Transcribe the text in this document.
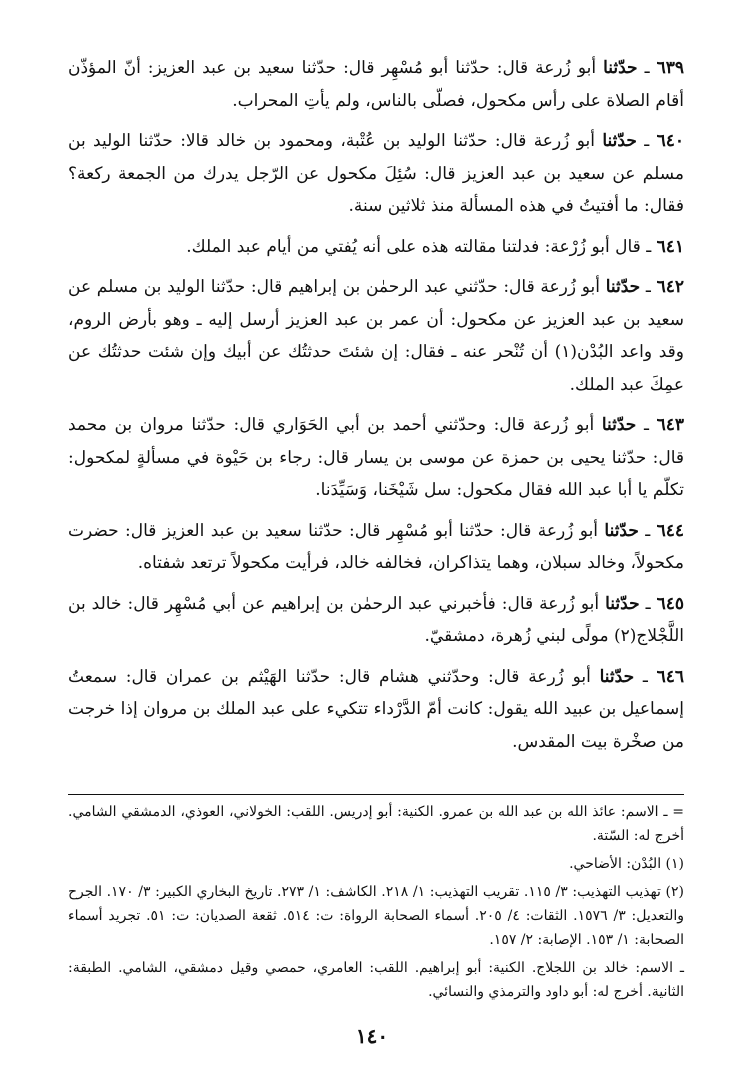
٦٣٩ ـ حدّثنا أبو زُرعة قال: حدّثنا أبو مُسْهِر قال: حدّثنا سعيد بن عبد العزيز: أنّ المؤذّن أقام الصلاة على رأس مكحول، فصلّى بالناس، ولم يأتِ المحراب.

٦٤٠ ـ حدّثنا أبو زُرعة قال: حدّثنا الوليد بن عُتْبة، ومحمود بن خالد قالا: حدّثنا الوليد بن مسلم عن سعيد بن عبد العزيز قال: سُئِلَ مكحول عن الرّجل يدرك من الجمعة ركعة؟ فقال: ما أفتيتُ في هذه المسألة منذ ثلاثين سنة.

٦٤١ ـ قال أبو زُرْعة: فدلتنا مقالته هذه على أنه يُفتي من أيام عبد الملك.

٦٤٢ ـ حدّثنا أبو زُرعة قال: حدّثني عبد الرحمٰن بن إبراهيم قال: حدّثنا الوليد بن مسلم عن سعيد بن عبد العزيز عن مكحول: أن عمر بن عبد العزيز أرسل إليه ـ وهو بأرض الروم، وقد واعد البُدْن(١) أن تُنْحر عنه ـ فقال: إن شئتَ حدثتُك عن أبيك وإن شئت حدثتُك عن عمِكَ عبد الملك.

٦٤٣ ـ حدّثنا أبو زُرعة قال: وحدّثني أحمد بن أبي الحَوَاري قال: حدّثنا مروان بن محمد قال: حدّثنا يحيى بن حمزة عن موسى بن يسار قال: رجاء بن حَيْوة في مسألةٍ لمكحول: تكلّم يا أبا عبد الله فقال مكحول: سل شَيْخَنا، وَسَيِّدَنا.

٦٤٤ ـ حدّثنا أبو زُرعة قال: حدّثنا أبو مُسْهِر قال: حدّثنا سعيد بن عبد العزيز قال: حضرت مكحولاً، وخالد سبلان، وهما يتذاكران، فخالفه خالد، فرأيت مكحولاً ترتعد شفتاه.

٦٤٥ ـ حدّثنا أبو زُرعة قال: فأخبرني عبد الرحمٰن بن إبراهيم عن أبي مُسْهِر قال: خالد بن اللَّجْلاج(٢) مولًى لبني زُهرة، دمشقيّ.

٦٤٦ ـ حدّثنا أبو زُرعة قال: وحدّثني هشام قال: حدّثنا الهَيْثم بن عمران قال: سمعتُ إسماعيل بن عبيد الله يقول: كانت أمّ الدَّرْداء تتكيء على عبد الملك بن مروان إذا خرجت من صخْرة بيت المقدس.

= ـ الاسم: عائذ الله بن عبد الله بن عمرو. الكنية: أبو إدريس. اللقب: الخولاني، العوذي، الدمشقي الشامي. أخرج له: السّتة.

(١) البُدْن: الأضاحي.

(٢) تهذيب التهذيب: ٣/ ١١٥. تقريب التهذيب: ١/ ٢١٨. الكاشف: ١/ ٢٧٣. تاريخ البخاري الكبير: ٣/ ١٧٠. الجرح والتعديل: ٣/ ١٥٧٦. الثقات: ٤/ ٢٠٥. أسماء الصحابة الرواة: ت: ٥١٤. ثقعة الصديان: ت: ٥١. تجريد أسماء الصحابة: ١/ ١٥٣. الإصابة: ٢/ ١٥٧.

ـ الاسم: خالد بن اللجلاج. الكنية: أبو إبراهيم. اللقب: العامري، حمصي وقيل دمشقي، الشامي. الطبقة: الثانية. أخرج له: أبو داود والترمذي والنسائي.

١٤٠
